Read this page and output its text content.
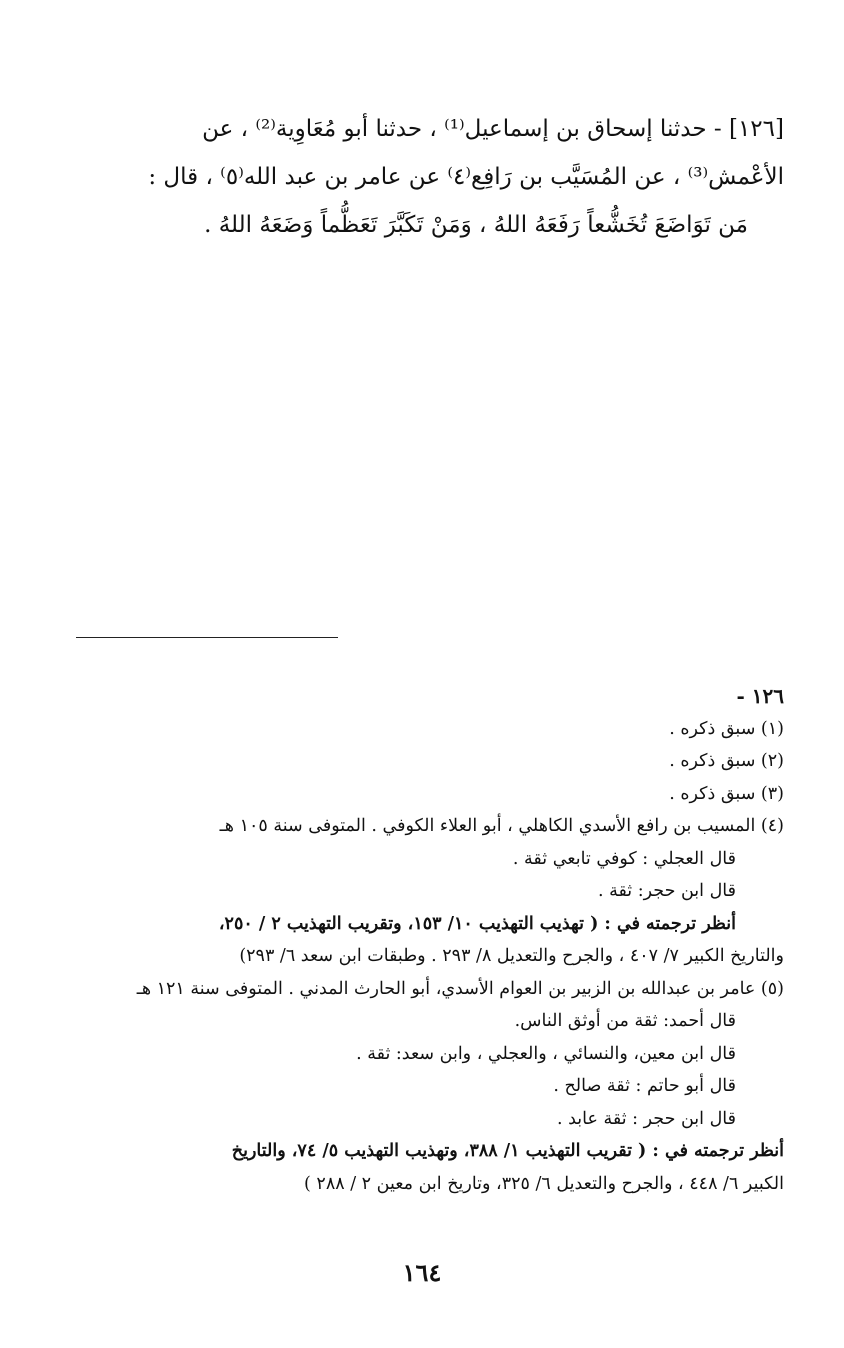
[١٢٦] - حدثنا إسحاق بن إسماعيل⁽¹⁾ ، حدثنا أبو مُعَاوِية⁽²⁾ ، عن
الأعْمش⁽³⁾ ، عن المُسَيَّب بن رَافِع⁽٤⁾ عن عامر بن عبد الله⁽٥⁾ ، قال :
مَن تَوَاضَعَ تُخَشُّعاً رَفَعَهُ اللهُ ، وَمَنْ تَكَبَّرَ تَعَظُّماً وَضَعَهُ اللهُ .
١٢٦ -
(١) سبق ذكره .
(٢) سبق ذكره .
(٣) سبق ذكره .
(٤) المسيب بن رافع الأسدي الكاهلي ، أبو العلاء الكوفي . المتوفى سنة ١٠٥ هـ
قال العجلي : كوفي تابعي ثقة .
قال ابن حجر: ثقة .
أنظر ترجمته في : ( تهذيب التهذيب ١٠/ ١٥٣، وتقريب التهذيب ٢ / ٢٥٠،
والتاريخ الكبير ٧/ ٤٠٧ ، والجرح والتعديل ٨/ ٢٩٣ . وطبقات ابن سعد ٦/ ٢٩٣)
(٥) عامر بن عبدالله بن الزبير بن العوام الأسدي، أبو الحارث المدني . المتوفى سنة ١٢١ هـ
قال أحمد: ثقة من أوثق الناس.
قال ابن معين، والنسائي ، والعجلي ، وابن سعد: ثقة .
قال أبو حاتم : ثقة صالح .
قال ابن حجر : ثقة عابد .
أنظر ترجمته في : ( تقريب التهذيب ١/ ٣٨٨، وتهذيب التهذيب ٥/ ٧٤، والتاريخ
الكبير ٦/ ٤٤٨ ، والجرح والتعديل ٦/ ٣٢٥، وتاريخ ابن معين ٢ / ٢٨٨ )
١٦٤
